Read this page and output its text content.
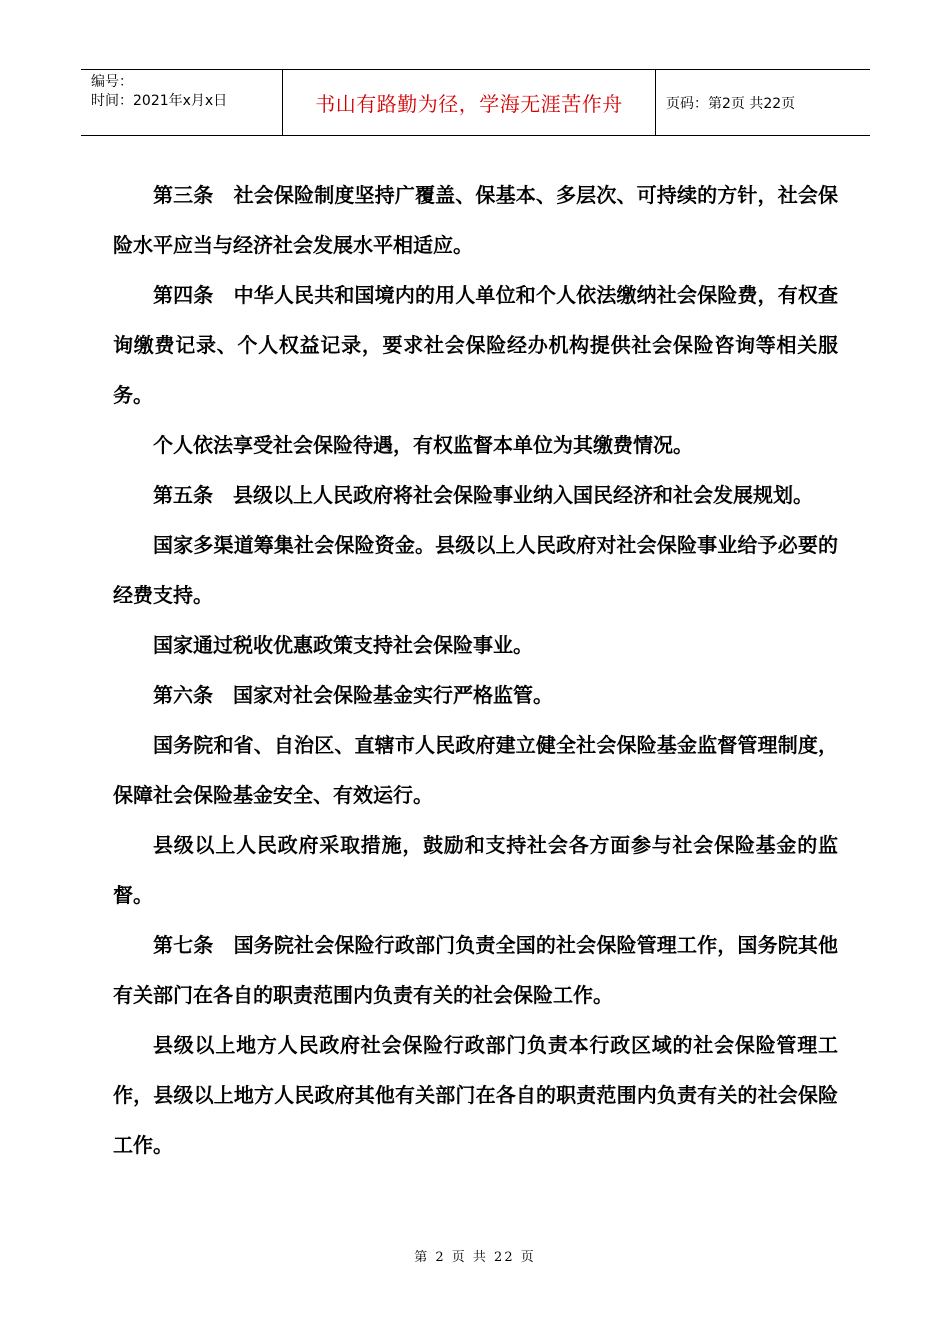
编号：
时间：2021年x月x日	书山有路勤为径，学海无涯苦作舟	页码：第2页 共22页

第三条　社会保险制度坚持广覆盖、保基本、多层次、可持续的方针，社会保险水平应当与经济社会发展水平相适应。

第四条　中华人民共和国境内的用人单位和个人依法缴纳社会保险费，有权查询缴费记录、个人权益记录，要求社会保险经办机构提供社会保险咨询等相关服务。

个人依法享受社会保险待遇，有权监督本单位为其缴费情况。

第五条　县级以上人民政府将社会保险事业纳入国民经济和社会发展规划。

国家多渠道筹集社会保险资金。县级以上人民政府对社会保险事业给予必要的经费支持。

国家通过税收优惠政策支持社会保险事业。

第六条　国家对社会保险基金实行严格监管。

国务院和省、自治区、直辖市人民政府建立健全社会保险基金监督管理制度，保障社会保险基金安全、有效运行。

县级以上人民政府采取措施，鼓励和支持社会各方面参与社会保险基金的监督。

第七条　国务院社会保险行政部门负责全国的社会保险管理工作，国务院其他有关部门在各自的职责范围内负责有关的社会保险工作。

县级以上地方人民政府社会保险行政部门负责本行政区域的社会保险管理工作，县级以上地方人民政府其他有关部门在各自的职责范围内负责有关的社会保险工作。

第 2 页 共 22 页
